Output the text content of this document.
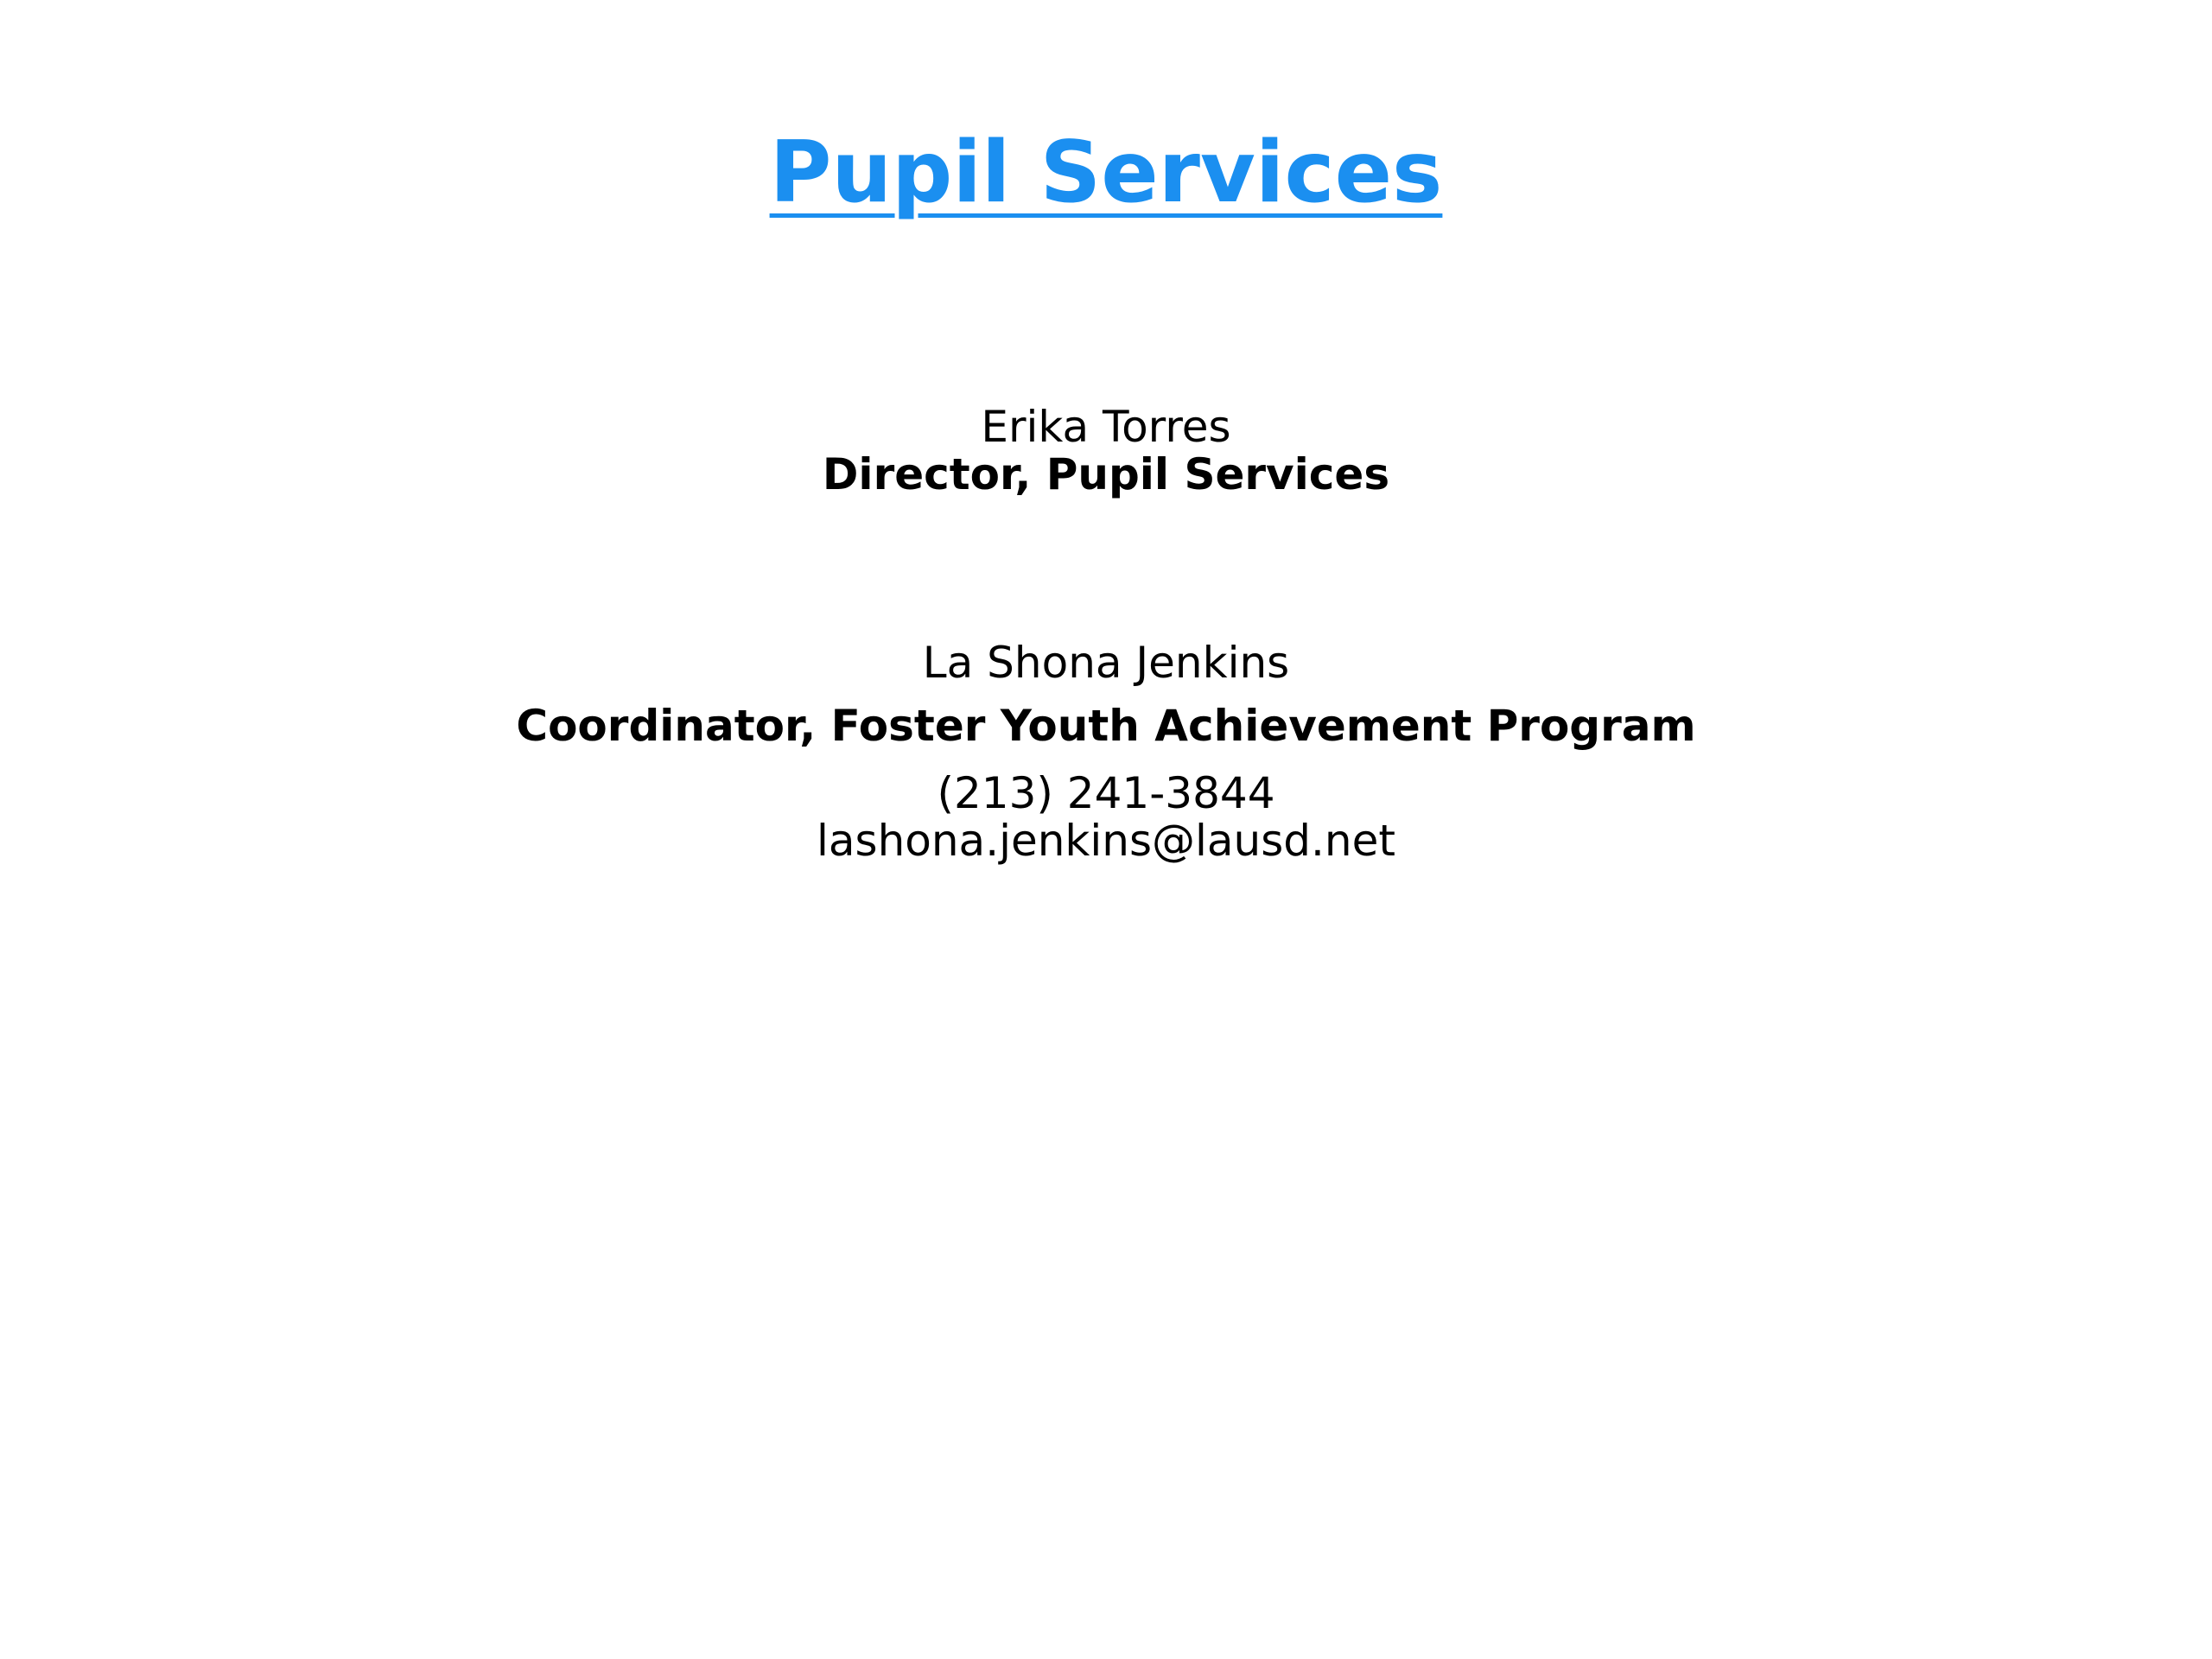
Pupil Services

Erika Torres

Director, Pupil Services

La Shona Jenkins

Coordinator, Foster Youth Achievement Program

(213) 241-3844

lashona.jenkins@lausd.net
